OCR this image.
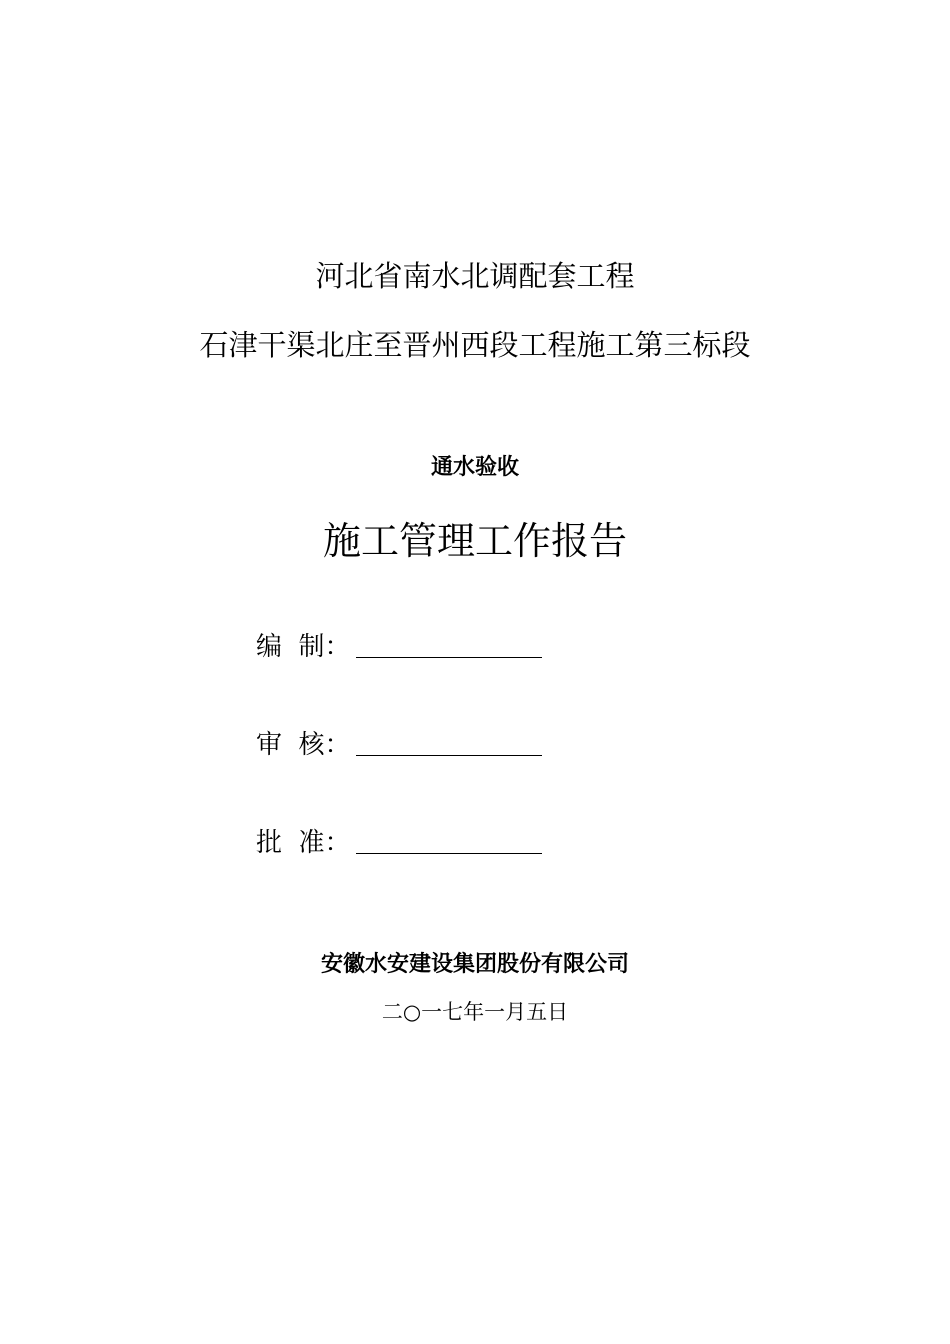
河北省南水北调配套工程
石津干渠北庄至晋州西段工程施工第三标段
通水验收
施工管理工作报告
编  制：
审  核：
批  准：
安徽水安建设集团股份有限公司
二○一七年一月五日
